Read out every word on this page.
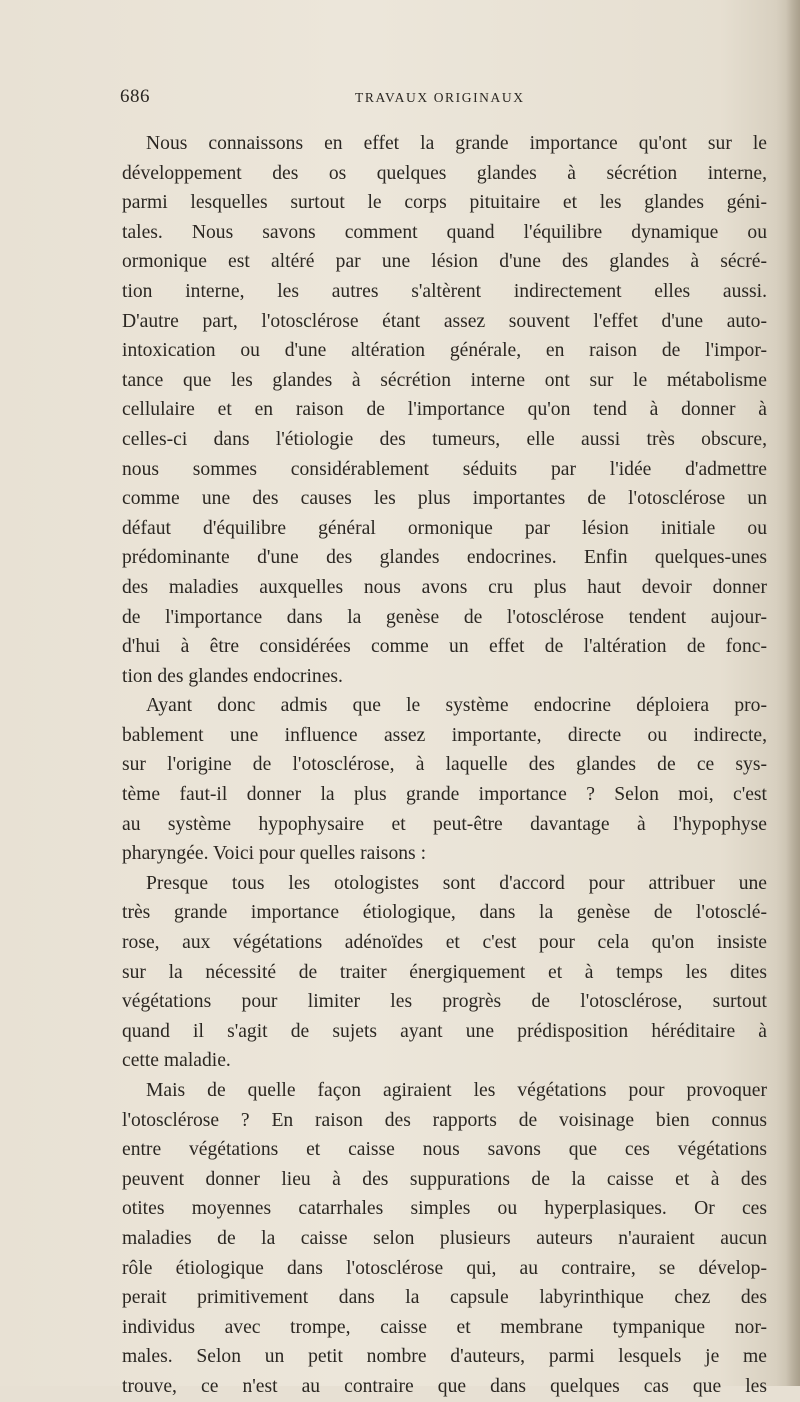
686	TRAVAUX ORIGINAUX
Nous connaissons en effet la grande importance qu'ont sur le
développement des os quelques glandes à sécrétion interne,
parmi lesquelles surtout le corps pituitaire et les glandes géni-
tales. Nous savons comment quand l'équilibre dynamique ou
ormonique est altéré par une lésion d'une des glandes à sécré-
tion interne, les autres s'altèrent indirectement elles aussi.
D'autre part, l'otosclérose étant assez souvent l'effet d'une auto-
intoxication ou d'une altération générale, en raison de l'impor-
tance que les glandes à sécrétion interne ont sur le métabolisme
cellulaire et en raison de l'importance qu'on tend à donner à
celles-ci dans l'étiologie des tumeurs, elle aussi très obscure,
nous sommes considérablement séduits par l'idée d'admettre
comme une des causes les plus importantes de l'otosclérose un
défaut d'équilibre général ormonique par lésion initiale ou
prédominante d'une des glandes endocrines. Enfin quelques-unes
des maladies auxquelles nous avons cru plus haut devoir donner
de l'importance dans la genèse de l'otosclérose tendent aujour-
d'hui à être considérées comme un effet de l'altération de fonc-
tion des glandes endocrines.
Ayant donc admis que le système endocrine déploiera pro-
bablement une influence assez importante, directe ou indirecte,
sur l'origine de l'otosclérose, à laquelle des glandes de ce sys-
tème faut-il donner la plus grande importance ? Selon moi, c'est
au système hypophysaire et peut-être davantage à l'hypophyse
pharyngée. Voici pour quelles raisons :
Presque tous les otologistes sont d'accord pour attribuer une
très grande importance étiologique, dans la genèse de l'otosclé-
rose, aux végétations adénoïdes et c'est pour cela qu'on insiste
sur la nécessité de traiter énergiquement et à temps les dites
végétations pour limiter les progrès de l'otosclérose, surtout
quand il s'agit de sujets ayant une prédisposition héréditaire à
cette maladie.
Mais de quelle façon agiraient les végétations pour provoquer
l'otosclérose ? En raison des rapports de voisinage bien connus
entre végétations et caisse nous savons que ces végétations
peuvent donner lieu à des suppurations de la caisse et à des
otites moyennes catarrhales simples ou hyperplasiques. Or ces
maladies de la caisse selon plusieurs auteurs n'auraient aucun
rôle étiologique dans l'otosclérose qui, au contraire, se dévelop-
perait primitivement dans la capsule labyrinthique chez des
individus avec trompe, caisse et membrane tympanique nor-
males. Selon un petit nombre d'auteurs, parmi lesquels je me
trouve, ce n'est au contraire que dans quelques cas que les
